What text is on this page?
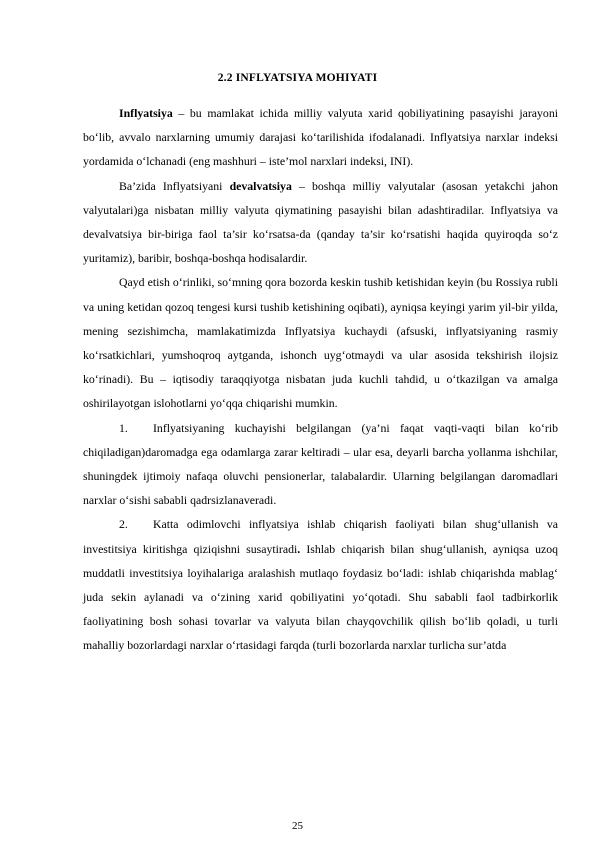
2.2 INFLYATSIYA MOHIYATI

Inflyatsiya – bu mamlakat ichida milliy valyuta xarid qobiliyatining pasayishi jarayoni bo‘lib, avvalo narxlarning umumiy darajasi ko‘tarilishida ifodalanadi. Inflyatsiya narxlar indeksi yordamida o‘lchanadi (eng mashhuri – iste’mol narxlari indeksi, INI).

Ba’zida Inflyatsiyani devalvatsiya – boshqa milliy valyutalar (asosan yetakchi jahon valyutalari)ga nisbatan milliy valyuta qiymatining pasayishi bilan adashtiradilar. Inflyatsiya va devalvatsiya bir-biriga faol ta’sir ko‘rsatsa-da (qanday ta’sir ko‘rsatishi haqida quyiroqda so‘z yuritamiz), baribir, boshqa-boshqa hodisalardir.

Qayd etish o‘rinliki, so‘mning qora bozorda keskin tushib ketishidan keyin (bu Rossiya rubli va uning ketidan qozoq tengesi kursi tushib ketishining oqibati), ayniqsa keyingi yarim yil-bir yilda, mening sezishimcha, mamlakatimizda Inflyatsiya kuchaydi (afsuski, inflyatsiyaning rasmiy ko‘rsatkichlari, yumshoqroq aytganda, ishonch uyg‘otmaydi va ular asosida tekshirish ilojsiz ko‘rinadi). Bu – iqtisodiy taraqqiyotga nisbatan juda kuchli tahdid, u o‘tkazilgan va amalga oshirilayotgan islohotlarni yo‘qqa chiqarishi mumkin.

1. Inflyatsiyaning kuchayishi belgilangan (ya’ni faqat vaqti-vaqti bilan ko‘rib chiqiladigan)daromadga ega odamlarga zarar keltiradi – ular esa, deyarli barcha yollanma ishchilar, shuningdek ijtimoiy nafaqa oluvchi pensionerlar, talabalardir. Ularning belgilangan daromadlari narxlar o‘sishi sababli qadrsizlanaveradi.

2. Katta odimlovchi inflyatsiya ishlab chiqarish faoliyati bilan shug‘ullanish va investitsiya kiritishga qiziqishni susaytiradi. Ishlab chiqarish bilan shug‘ullanish, ayniqsa uzoq muddatli investitsiya loyihalariga aralashish mutlaqo foydasiz bo‘ladi: ishlab chiqarishda mablag‘ juda sekin aylanadi va o‘zining xarid qobiliyatini yo‘qotadi. Shu sababli faol tadbirkorlik faoliyatining bosh sohasi tovarlar va valyuta bilan chayqovchilik qilish bo‘lib qoladi, u turli mahalliy bozorlardagi narxlar o‘rtasidagi farqda (turli bozorlarda narxlar turlicha sur’atda

25
